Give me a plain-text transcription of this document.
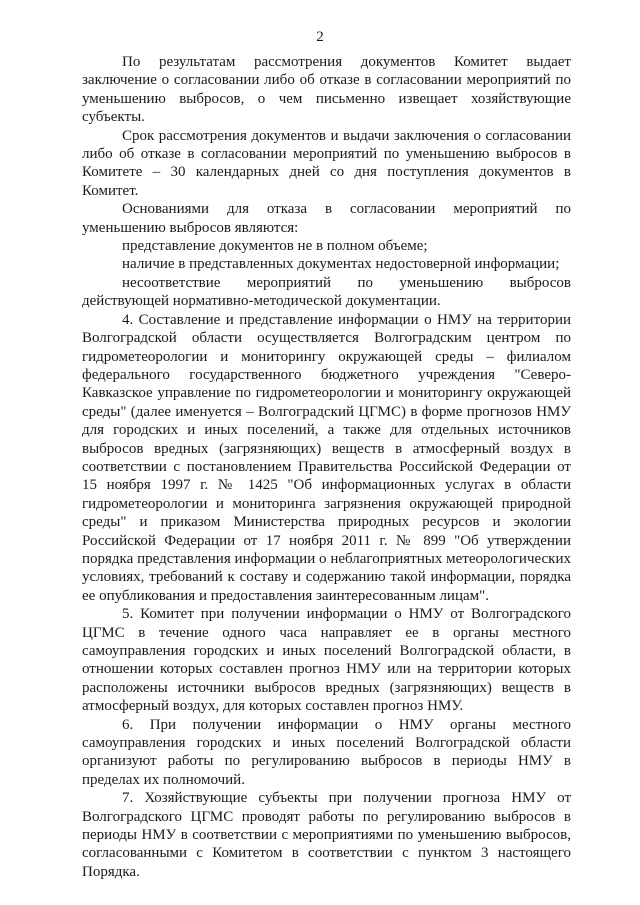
2

По результатам рассмотрения документов Комитет выдает заключение о согласовании либо об отказе в согласовании мероприятий по уменьшению выбросов, о чем письменно извещает хозяйствующие субъекты.

Срок рассмотрения документов и выдачи заключения о согласовании либо об отказе в согласовании мероприятий по уменьшению выбросов в Комитете – 30 календарных дней со дня поступления документов в Комитет.

Основаниями для отказа в согласовании мероприятий по уменьшению выбросов являются:

представление документов не в полном объеме;

наличие в представленных документах недостоверной информации;

несоответствие мероприятий по уменьшению выбросов действующей нормативно-методической документации.

4. Составление и представление информации о НМУ на территории Волгоградской области осуществляется Волгоградским центром по гидрометеорологии и мониторингу окружающей среды – филиалом федерального государственного бюджетного учреждения "Северо-Кавказское управление по гидрометеорологии и мониторингу окружающей среды" (далее именуется – Волгоградский ЦГМС) в форме прогнозов НМУ для городских и иных поселений, а также для отдельных источников выбросов вредных (загрязняющих) веществ в атмосферный воздух в соответствии с постановлением Правительства Российской Федерации от 15 ноября 1997 г. № 1425 "Об информационных услугах в области гидрометеорологии и мониторинга загрязнения окружающей природной среды" и приказом Министерства природных ресурсов и экологии Российской Федерации от 17 ноября 2011 г. № 899 "Об утверждении порядка представления информации о неблагоприятных метеорологических условиях, требований к составу и содержанию такой информации, порядка ее опубликования и предоставления заинтересованным лицам".

5. Комитет при получении информации о НМУ от Волгоградского ЦГМС в течение одного часа направляет ее в органы местного самоуправления городских и иных поселений Волгоградской области, в отношении которых составлен прогноз НМУ или на территории которых расположены источники выбросов вредных (загрязняющих) веществ в атмосферный воздух, для которых составлен прогноз НМУ.

6. При получении информации о НМУ органы местного самоуправления городских и иных поселений Волгоградской области организуют работы по регулированию выбросов в периоды НМУ в пределах их полномочий.

7. Хозяйствующие субъекты при получении прогноза НМУ от Волгоградского ЦГМС проводят работы по регулированию выбросов в периоды НМУ в соответствии с мероприятиями по уменьшению выбросов, согласованными с Комитетом в соответствии с пунктом 3 настоящего Порядка.
